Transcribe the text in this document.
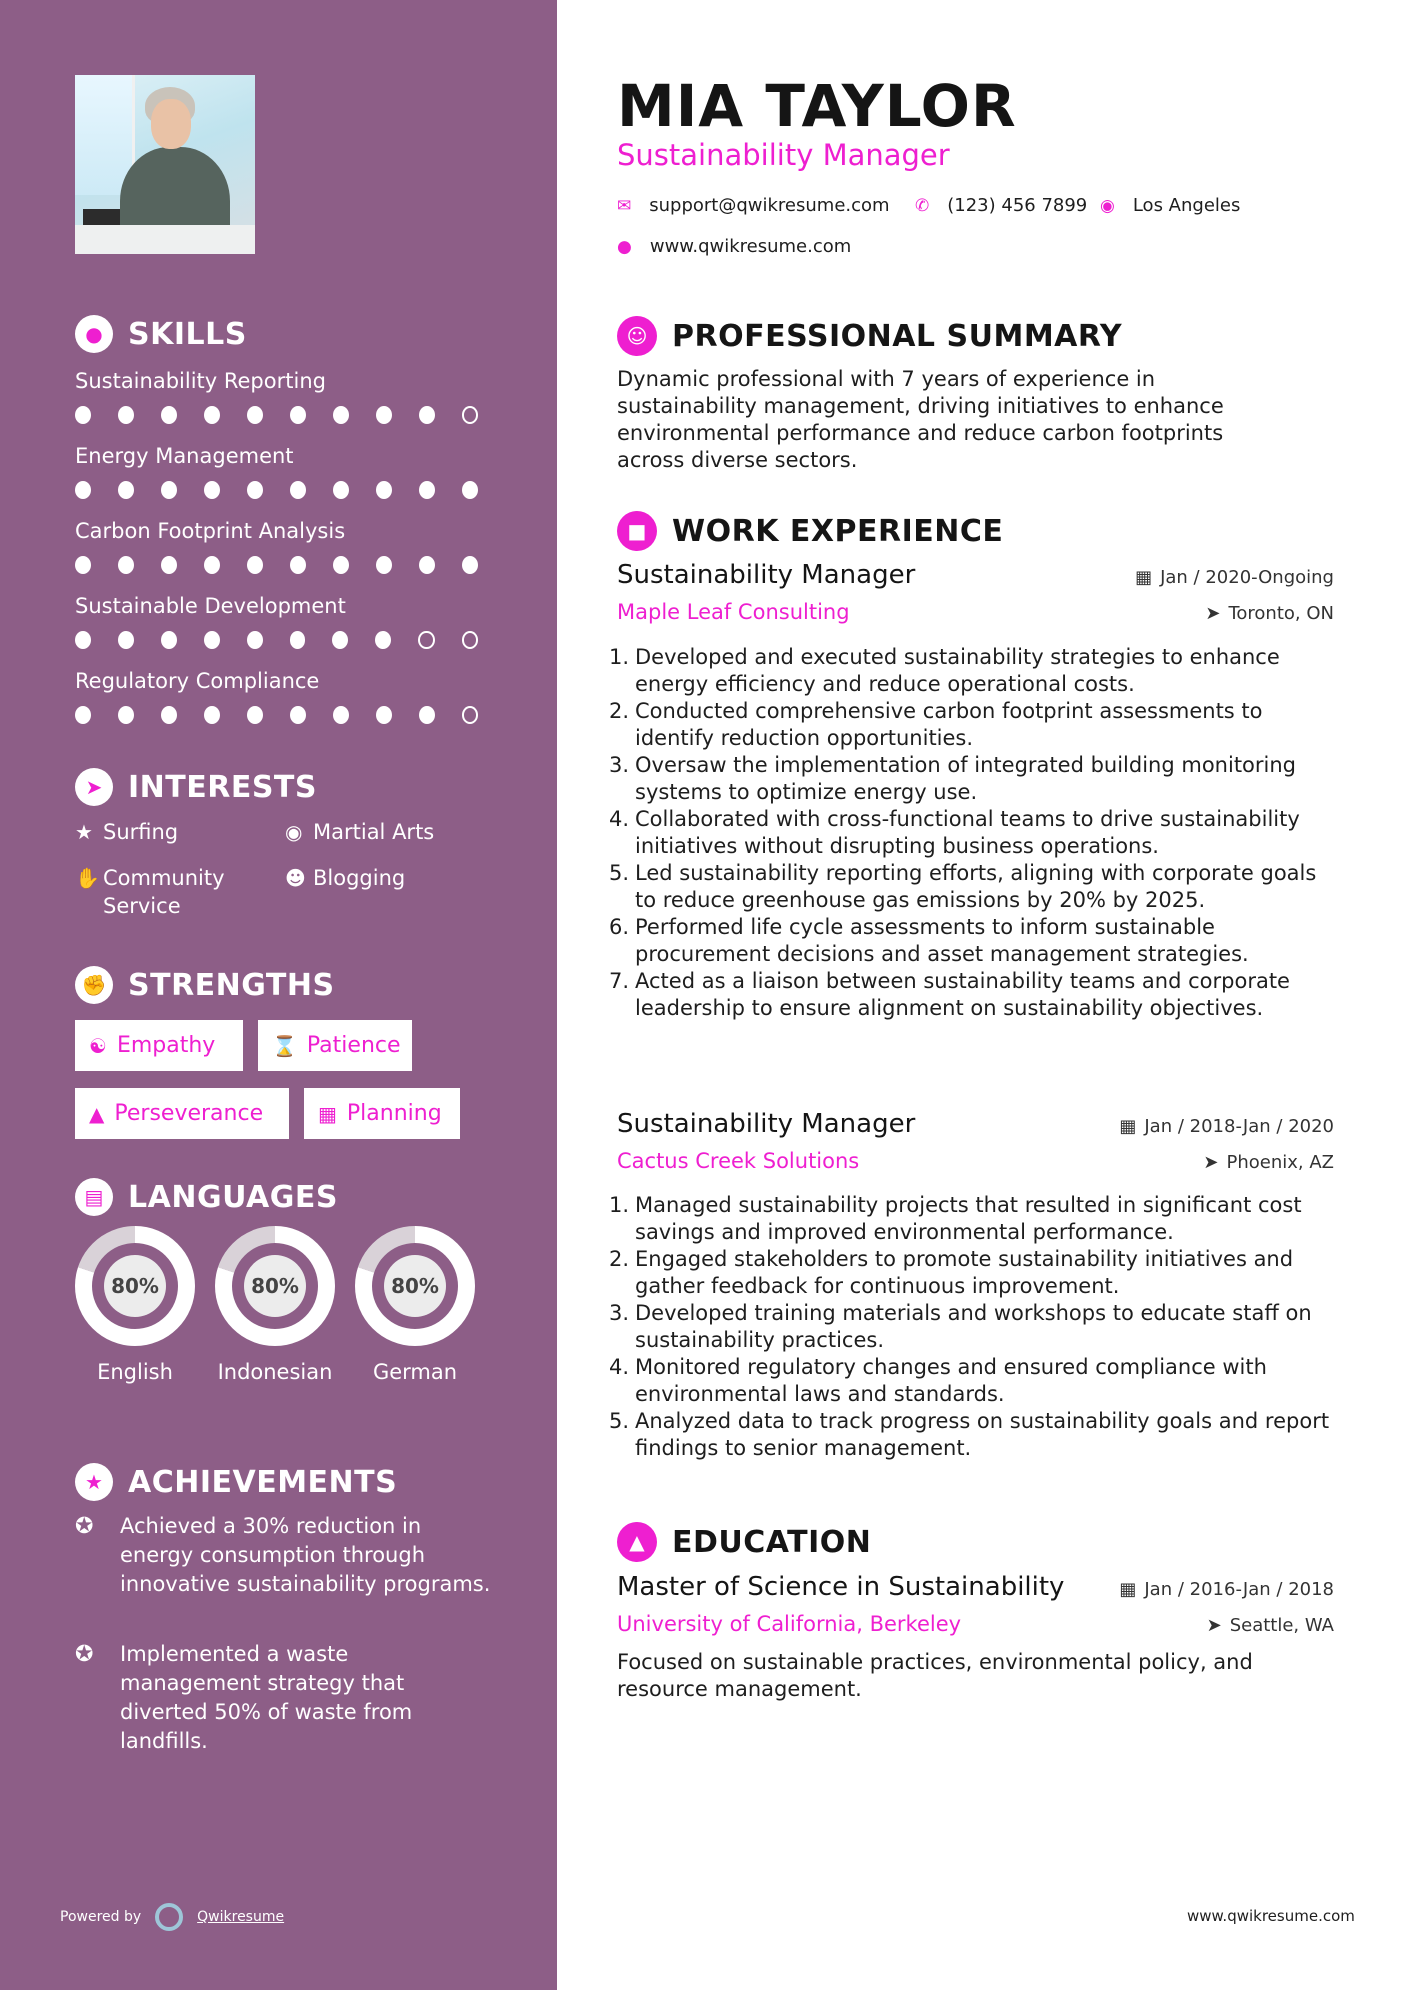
● SKILLS
Sustainability Reporting
Energy Management
Carbon Footprint Analysis
Sustainable Development
Regulatory Compliance
➤ INTERESTS
★ Surfing	◉ Martial Arts
✋ Community Service
☻ Blogging
✊ STRENGTHS
☯ Empathy	⌛ Patience
▲ Perseverance	▦ Planning
▤ LANGUAGES
80%
English
80%
Indonesian
80%
German
★ ACHIEVEMENTS
✪	Achieved a 30% reduction in energy consumption through innovative sustainability programs.
✪	Implemented a waste management strategy that diverted 50% of waste from landfills.
Powered by	Qwikresume
MIA TAYLOR
Sustainability Manager
✉ support@qwikresume.com ✆ (123) 456 7899 ◉ Los Angeles
● www.qwikresume.com
☺ PROFESSIONAL SUMMARY
Dynamic professional with 7 years of experience in sustainability management, driving initiatives to enhance environmental performance and reduce carbon footprints across diverse sectors.
■ WORK EXPERIENCE
Sustainability Manager	▦ Jan / 2020-Ongoing
Maple Leaf Consulting	➤ Toronto, ON
1. Developed and executed sustainability strategies to enhance energy efficiency and reduce operational costs.
2. Conducted comprehensive carbon footprint assessments to identify reduction opportunities.
3. Oversaw the implementation of integrated building monitoring systems to optimize energy use.
4. Collaborated with cross-functional teams to drive sustainability initiatives without disrupting business operations.
5. Led sustainability reporting efforts, aligning with corporate goals to reduce greenhouse gas emissions by 20% by 2025.
6. Performed life cycle assessments to inform sustainable procurement decisions and asset management strategies.
7. Acted as a liaison between sustainability teams and corporate leadership to ensure alignment on sustainability objectives.
Sustainability Manager	▦ Jan / 2018-Jan / 2020
Cactus Creek Solutions	➤ Phoenix, AZ
1. Managed sustainability projects that resulted in significant cost savings and improved environmental performance.
2. Engaged stakeholders to promote sustainability initiatives and gather feedback for continuous improvement.
3. Developed training materials and workshops to educate staff on sustainability practices.
4. Monitored regulatory changes and ensured compliance with environmental laws and standards.
5. Analyzed data to track progress on sustainability goals and report findings to senior management.
▲ EDUCATION
Master of Science in Sustainability	▦ Jan / 2016-Jan / 2018
University of California, Berkeley	➤ Seattle, WA
Focused on sustainable practices, environmental policy, and resource management.
www.qwikresume.com
